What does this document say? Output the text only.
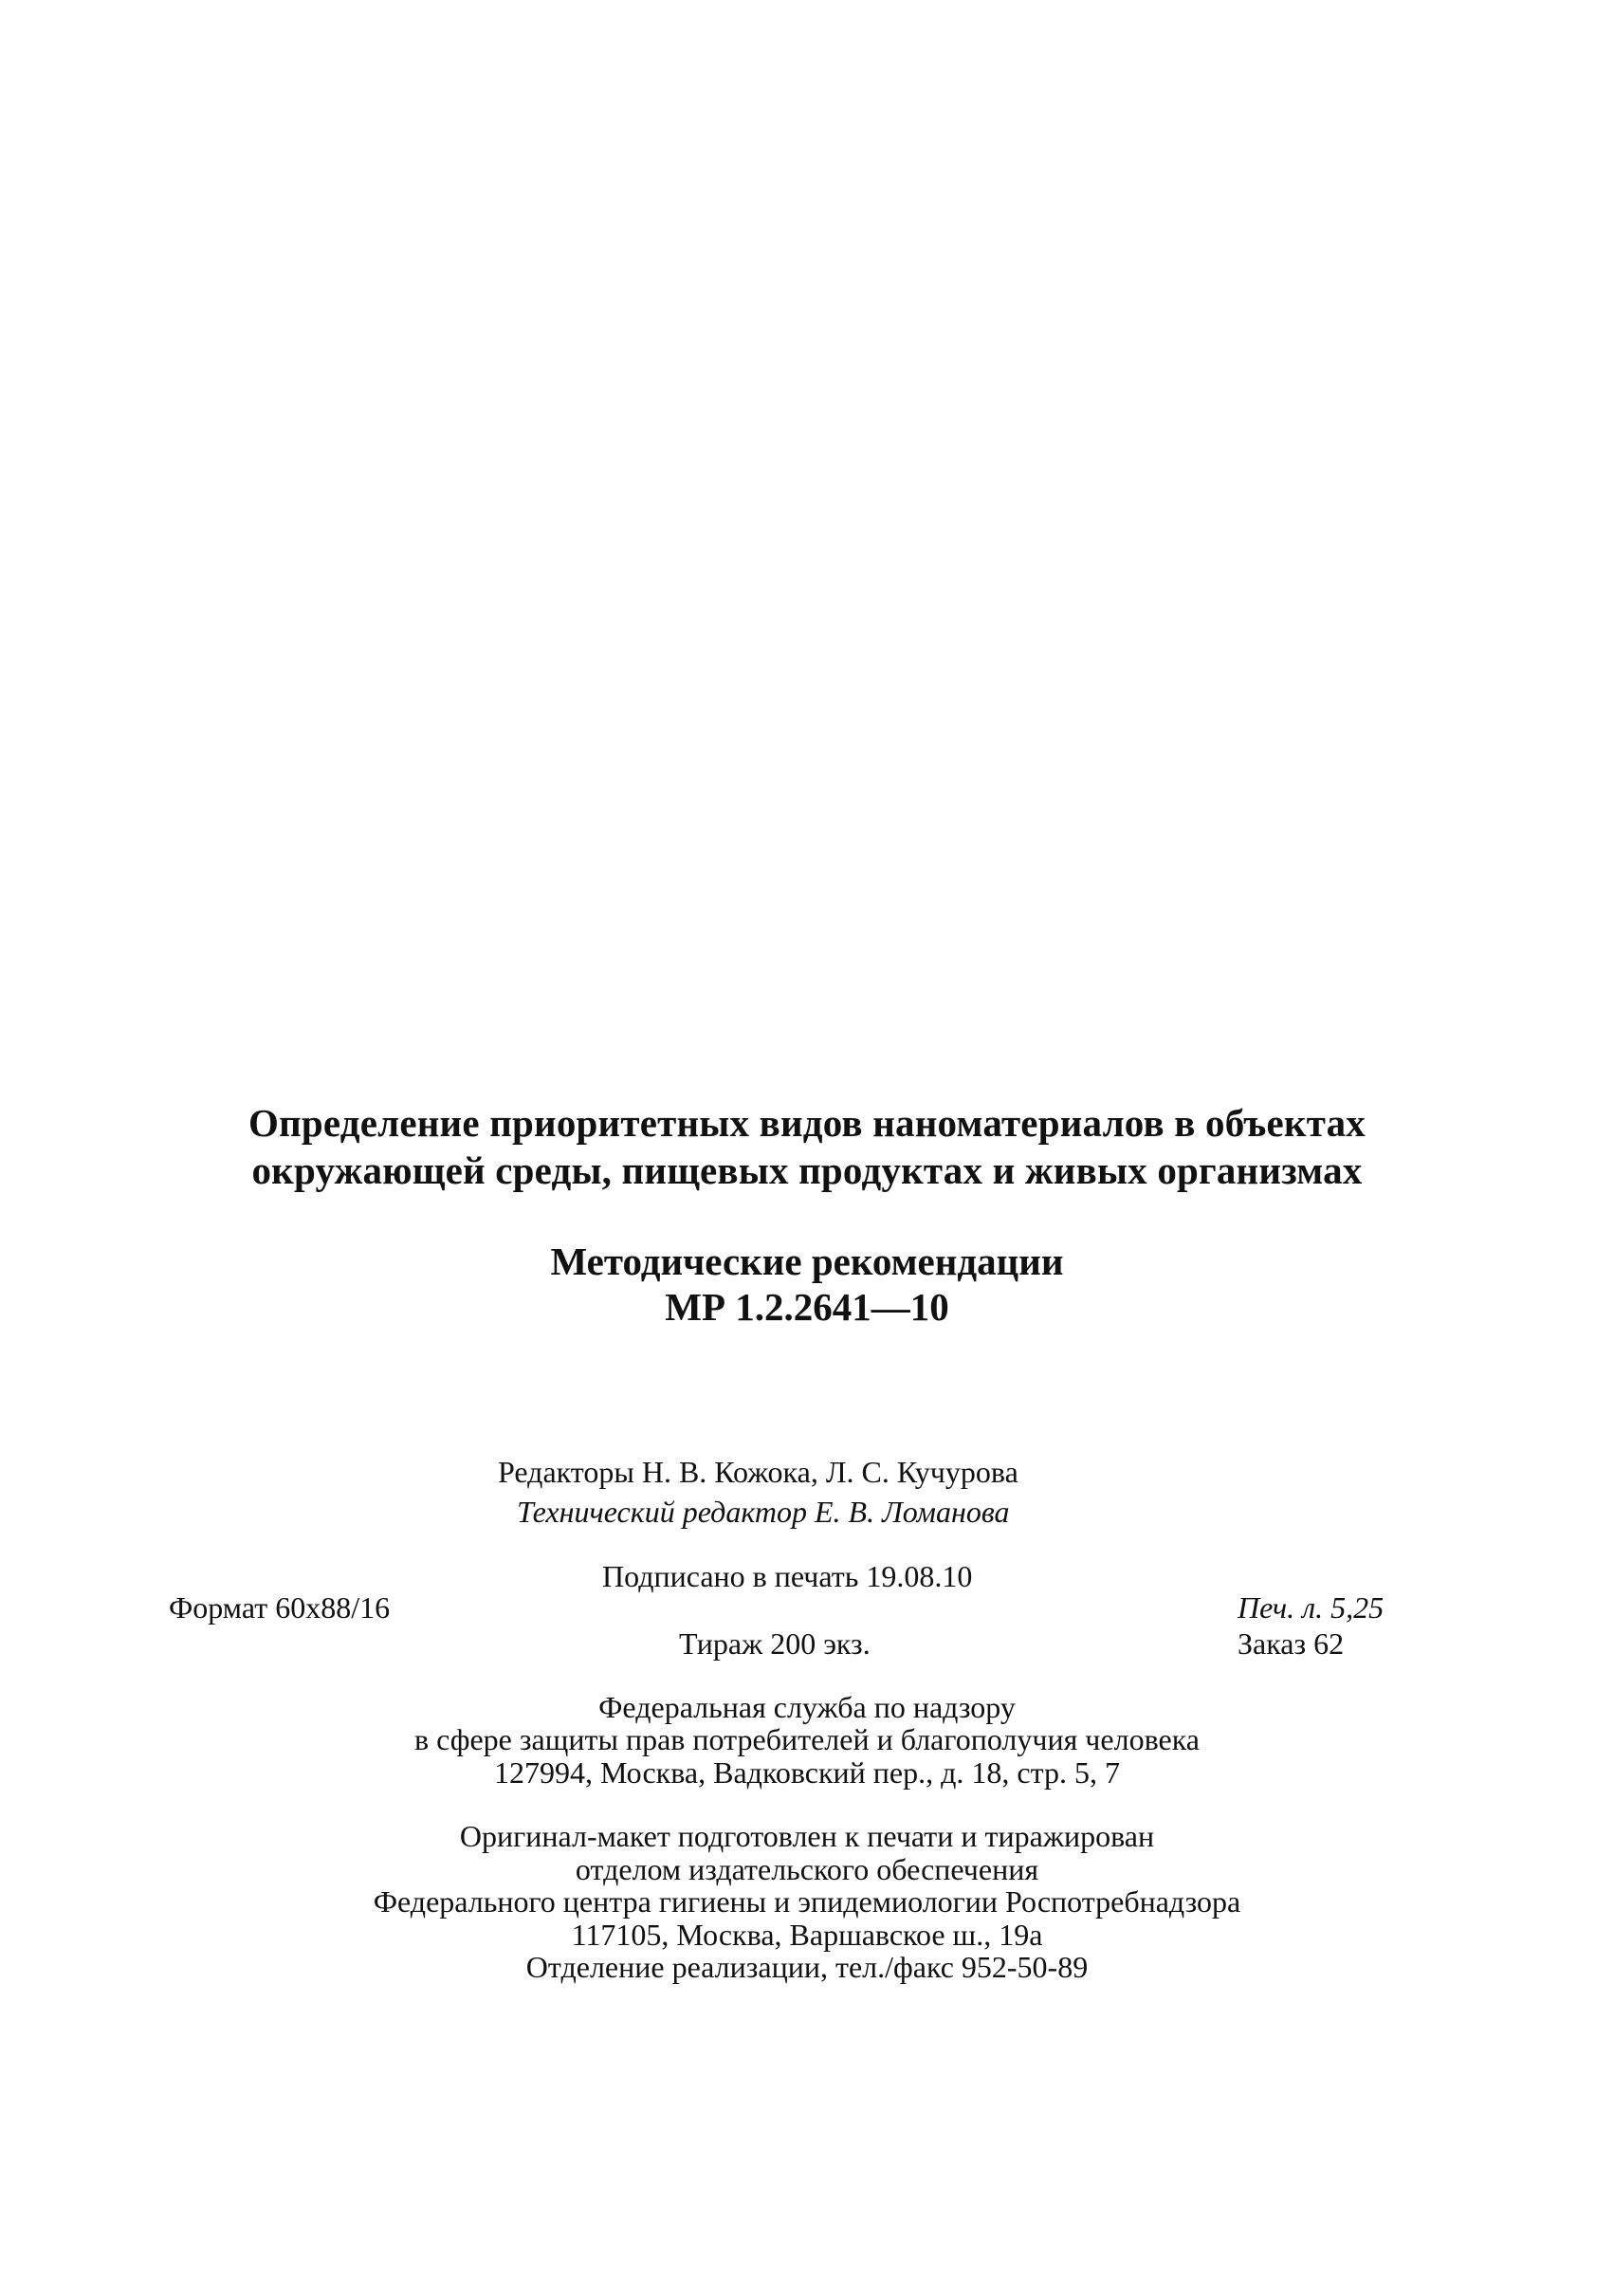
Определение приоритетных видов наноматериалов в объектах
окружающей среды, пищевых продуктах и живых организмах
Методические рекомендации
МР 1.2.2641—10
Редакторы Н. В. Кожока, Л. С. Кучурова
Технический редактор Е. В. Ломанова
Подписано в печать 19.08.10
Формат 60x88/16	Печ. л. 5,25
Тираж 200 экз.	Заказ 62
Федеральная служба по надзору
в сфере защиты прав потребителей и благополучия человека
127994, Москва, Вадковский пер., д. 18, стр. 5, 7
Оригинал-макет подготовлен к печати и тиражирован
отделом издательского обеспечения
Федерального центра гигиены и эпидемиологии Роспотребнадзора
117105, Москва, Варшавское ш., 19а
Отделение реализации, тел./факс 952-50-89
